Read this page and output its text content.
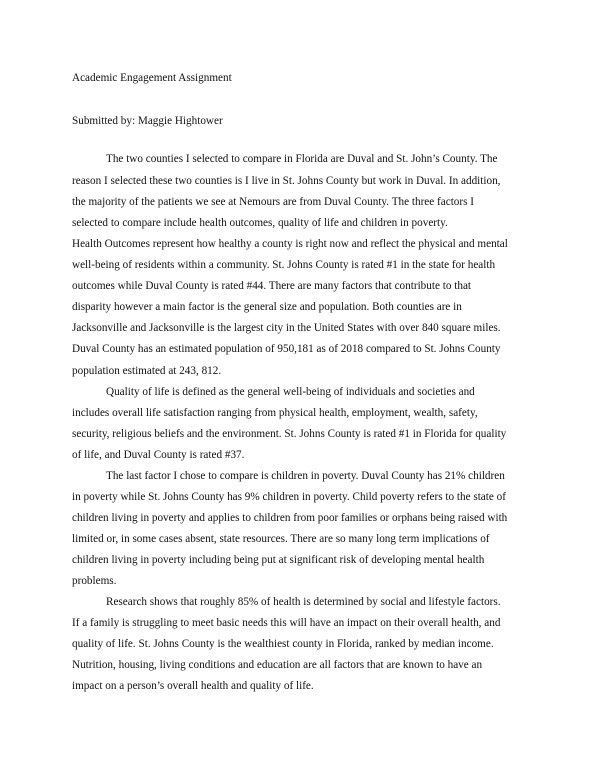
Academic Engagement Assignment
Submitted by: Maggie Hightower
The two counties I selected to compare in Florida are Duval and St. John’s County. The
reason I selected these two counties is I live in St. Johns County but work in Duval. In addition,
the majority of the patients we see at Nemours are from Duval County. The three factors I
selected to compare include health outcomes, quality of life and children in poverty.
Health Outcomes represent how healthy a county is right now and reflect the physical and mental
well-being of residents within a community. St. Johns County is rated #1 in the state for health
outcomes while Duval County is rated #44. There are many factors that contribute to that
disparity however a main factor is the general size and population. Both counties are in
Jacksonville and Jacksonville is the largest city in the United States with over 840 square miles.
Duval County has an estimated population of 950,181 as of 2018 compared to St. Johns County
population estimated at 243, 812.
Quality of life is defined as the general well-being of individuals and societies and
includes overall life satisfaction ranging from physical health, employment, wealth, safety,
security, religious beliefs and the environment. St. Johns County is rated #1 in Florida for quality
of life, and Duval County is rated #37.
The last factor I chose to compare is children in poverty. Duval County has 21% children
in poverty while St. Johns County has 9% children in poverty. Child poverty refers to the state of
children living in poverty and applies to children from poor families or orphans being raised with
limited or, in some cases absent, state resources. There are so many long term implications of
children living in poverty including being put at significant risk of developing mental health
problems.
Research shows that roughly 85% of health is determined by social and lifestyle factors.
If a family is struggling to meet basic needs this will have an impact on their overall health, and
quality of life. St. Johns County is the wealthiest county in Florida, ranked by median income.
Nutrition, housing, living conditions and education are all factors that are known to have an
impact on a person’s overall health and quality of life.
